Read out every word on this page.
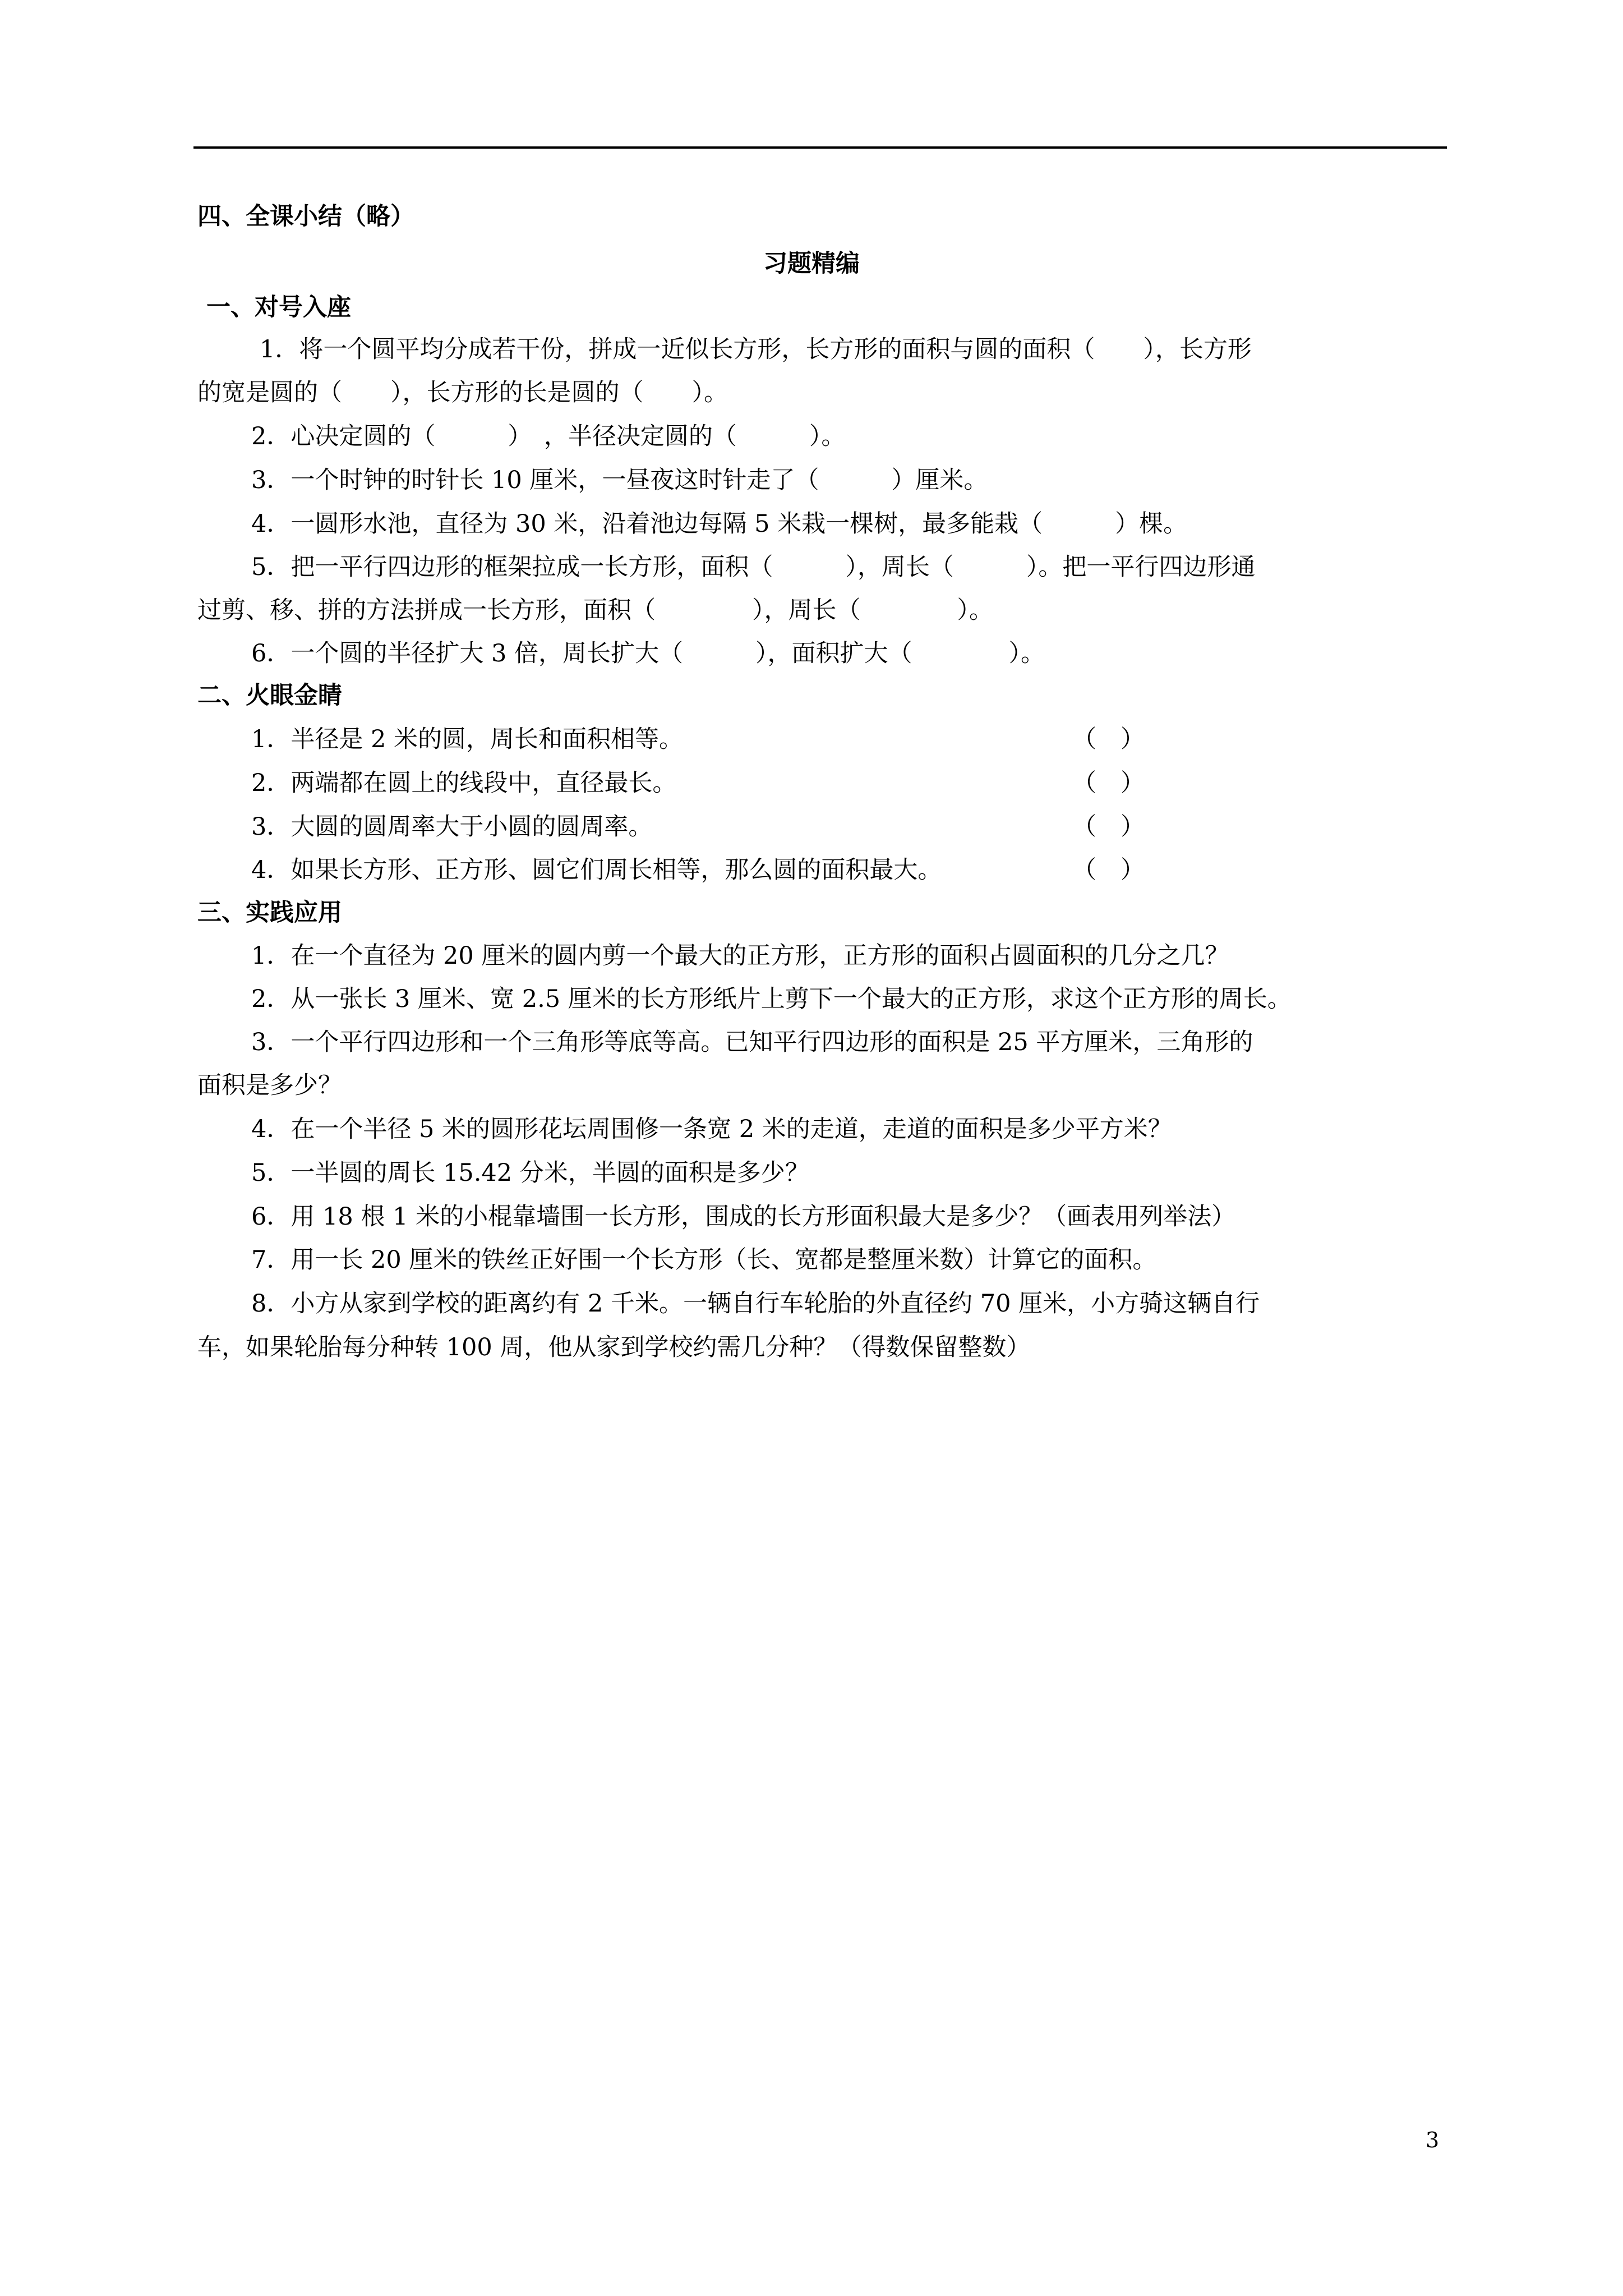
四、全课小结（略）
习题精编
一、对号入座
1．将一个圆平均分成若干份，拼成一近似长方形，长方形的面积与圆的面积（　　），长方形
的宽是圆的（　　），长方形的长是圆的（　　）。
2．心决定圆的（　　　）　，半径决定圆的（　　　）。
3．一个时钟的时针长 10 厘米，一昼夜这时针走了（　　　）厘米。
4．一圆形水池，直径为 30 米，沿着池边每隔 5 米栽一棵树，最多能栽（　　　）棵。
5．把一平行四边形的框架拉成一长方形，面积（　　　），周长（　　　）。把一平行四边形通
过剪、移、拼的方法拼成一长方形，面积（　　　　），周长（　　　　）。
6．一个圆的半径扩大 3 倍，周长扩大（　　　），面积扩大（　　　　）。
二、火眼金睛
1．半径是 2 米的圆，周长和面积相等。	（　）
2．两端都在圆上的线段中，直径最长。	（　）
3．大圆的圆周率大于小圆的圆周率。	（　）
4．如果长方形、正方形、圆它们周长相等，那么圆的面积最大。	（　）
三、实践应用
1．在一个直径为 20 厘米的圆内剪一个最大的正方形，正方形的面积占圆面积的几分之几？
2．从一张长 3 厘米、宽 2.5 厘米的长方形纸片上剪下一个最大的正方形，求这个正方形的周长。
3．一个平行四边形和一个三角形等底等高。已知平行四边形的面积是 25 平方厘米，三角形的
面积是多少？
4．在一个半径 5 米的圆形花坛周围修一条宽 2 米的走道，走道的面积是多少平方米？
5．一半圆的周长 15.42 分米，半圆的面积是多少？
6．用 18 根 1 米的小棍靠墙围一长方形，围成的长方形面积最大是多少？（画表用列举法）
7．用一长 20 厘米的铁丝正好围一个长方形（长、宽都是整厘米数）计算它的面积。
8．小方从家到学校的距离约有 2 千米。一辆自行车轮胎的外直径约 70 厘米，小方骑这辆自行
车，如果轮胎每分种转 100 周，他从家到学校约需几分种？（得数保留整数）
3
